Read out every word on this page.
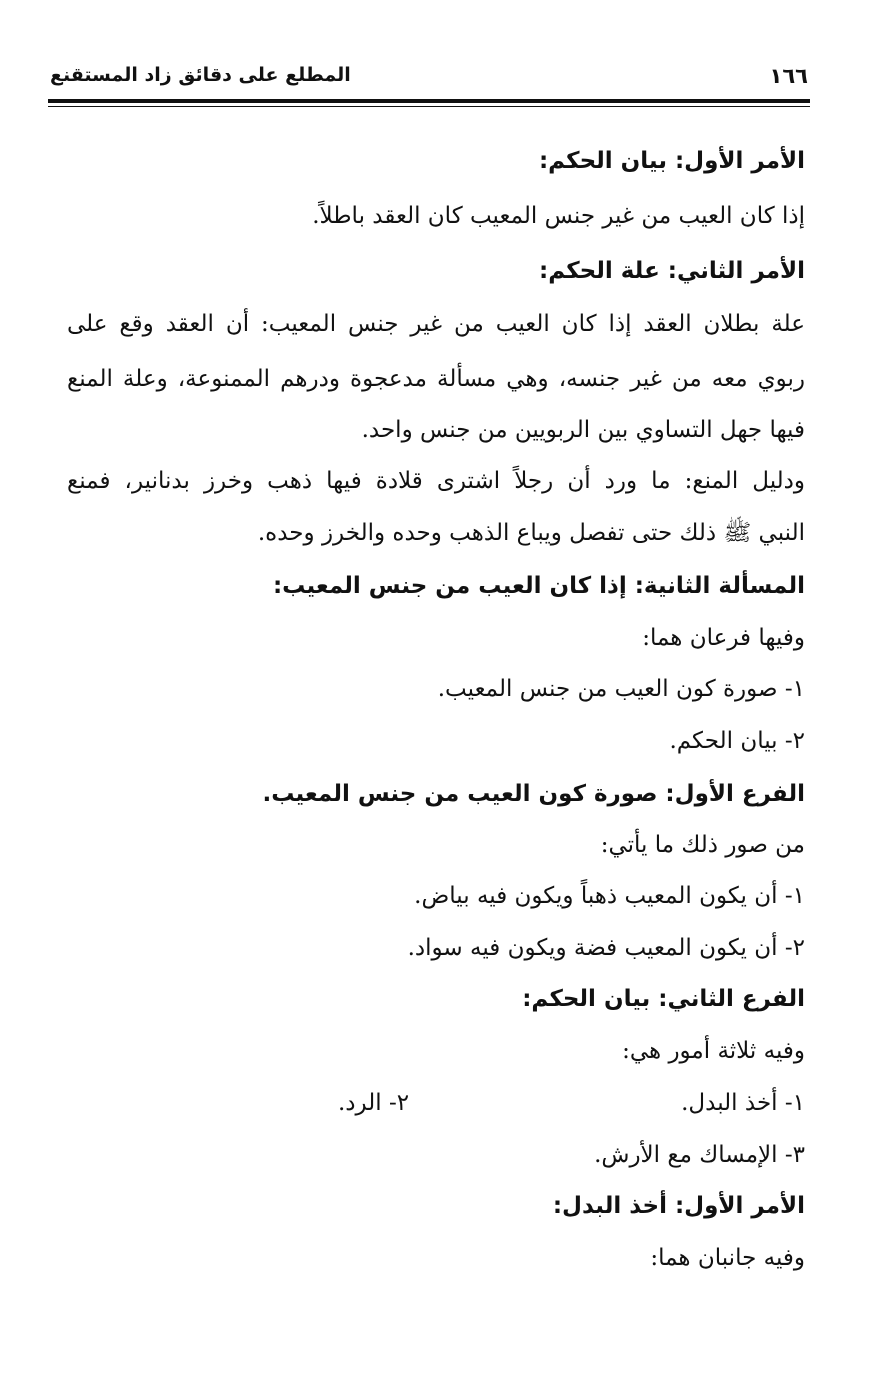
١٦٦
المطلع على دقائق زاد المستقنع
الأمر الأول: بيان الحكم:
إذا كان العيب من غير جنس المعيب كان العقد باطلاً.
الأمر الثاني: علة الحكم:
علة بطلان العقد إذا كان العيب من غير جنس المعيب: أن العقد وقع على
ربوي معه من غير جنسه، وهي مسألة مدعجوة ودرهم الممنوعة، وعلة المنع
فيها جهل التساوي بين الربويين من جنس واحد.
ودليل المنع: ما ورد أن رجلاً اشترى قلادة فيها ذهب وخرز بدنانير، فمنع
النبي ﷺ ذلك حتى تفصل ويباع الذهب وحده والخرز وحده.
المسألة الثانية: إذا كان العيب من جنس المعيب:
وفيها فرعان هما:
١- صورة كون العيب من جنس المعيب.
٢- بيان الحكم.
الفرع الأول: صورة كون العيب من جنس المعيب.
من صور ذلك ما يأتي:
١- أن يكون المعيب ذهباً ويكون فيه بياض.
٢- أن يكون المعيب فضة ويكون فيه سواد.
الفرع الثاني: بيان الحكم:
وفيه ثلاثة أمور هي:
١- أخذ البدل.
٢- الرد.
٣- الإمساك مع الأرش.
الأمر الأول: أخذ البدل:
وفيه جانبان هما:
